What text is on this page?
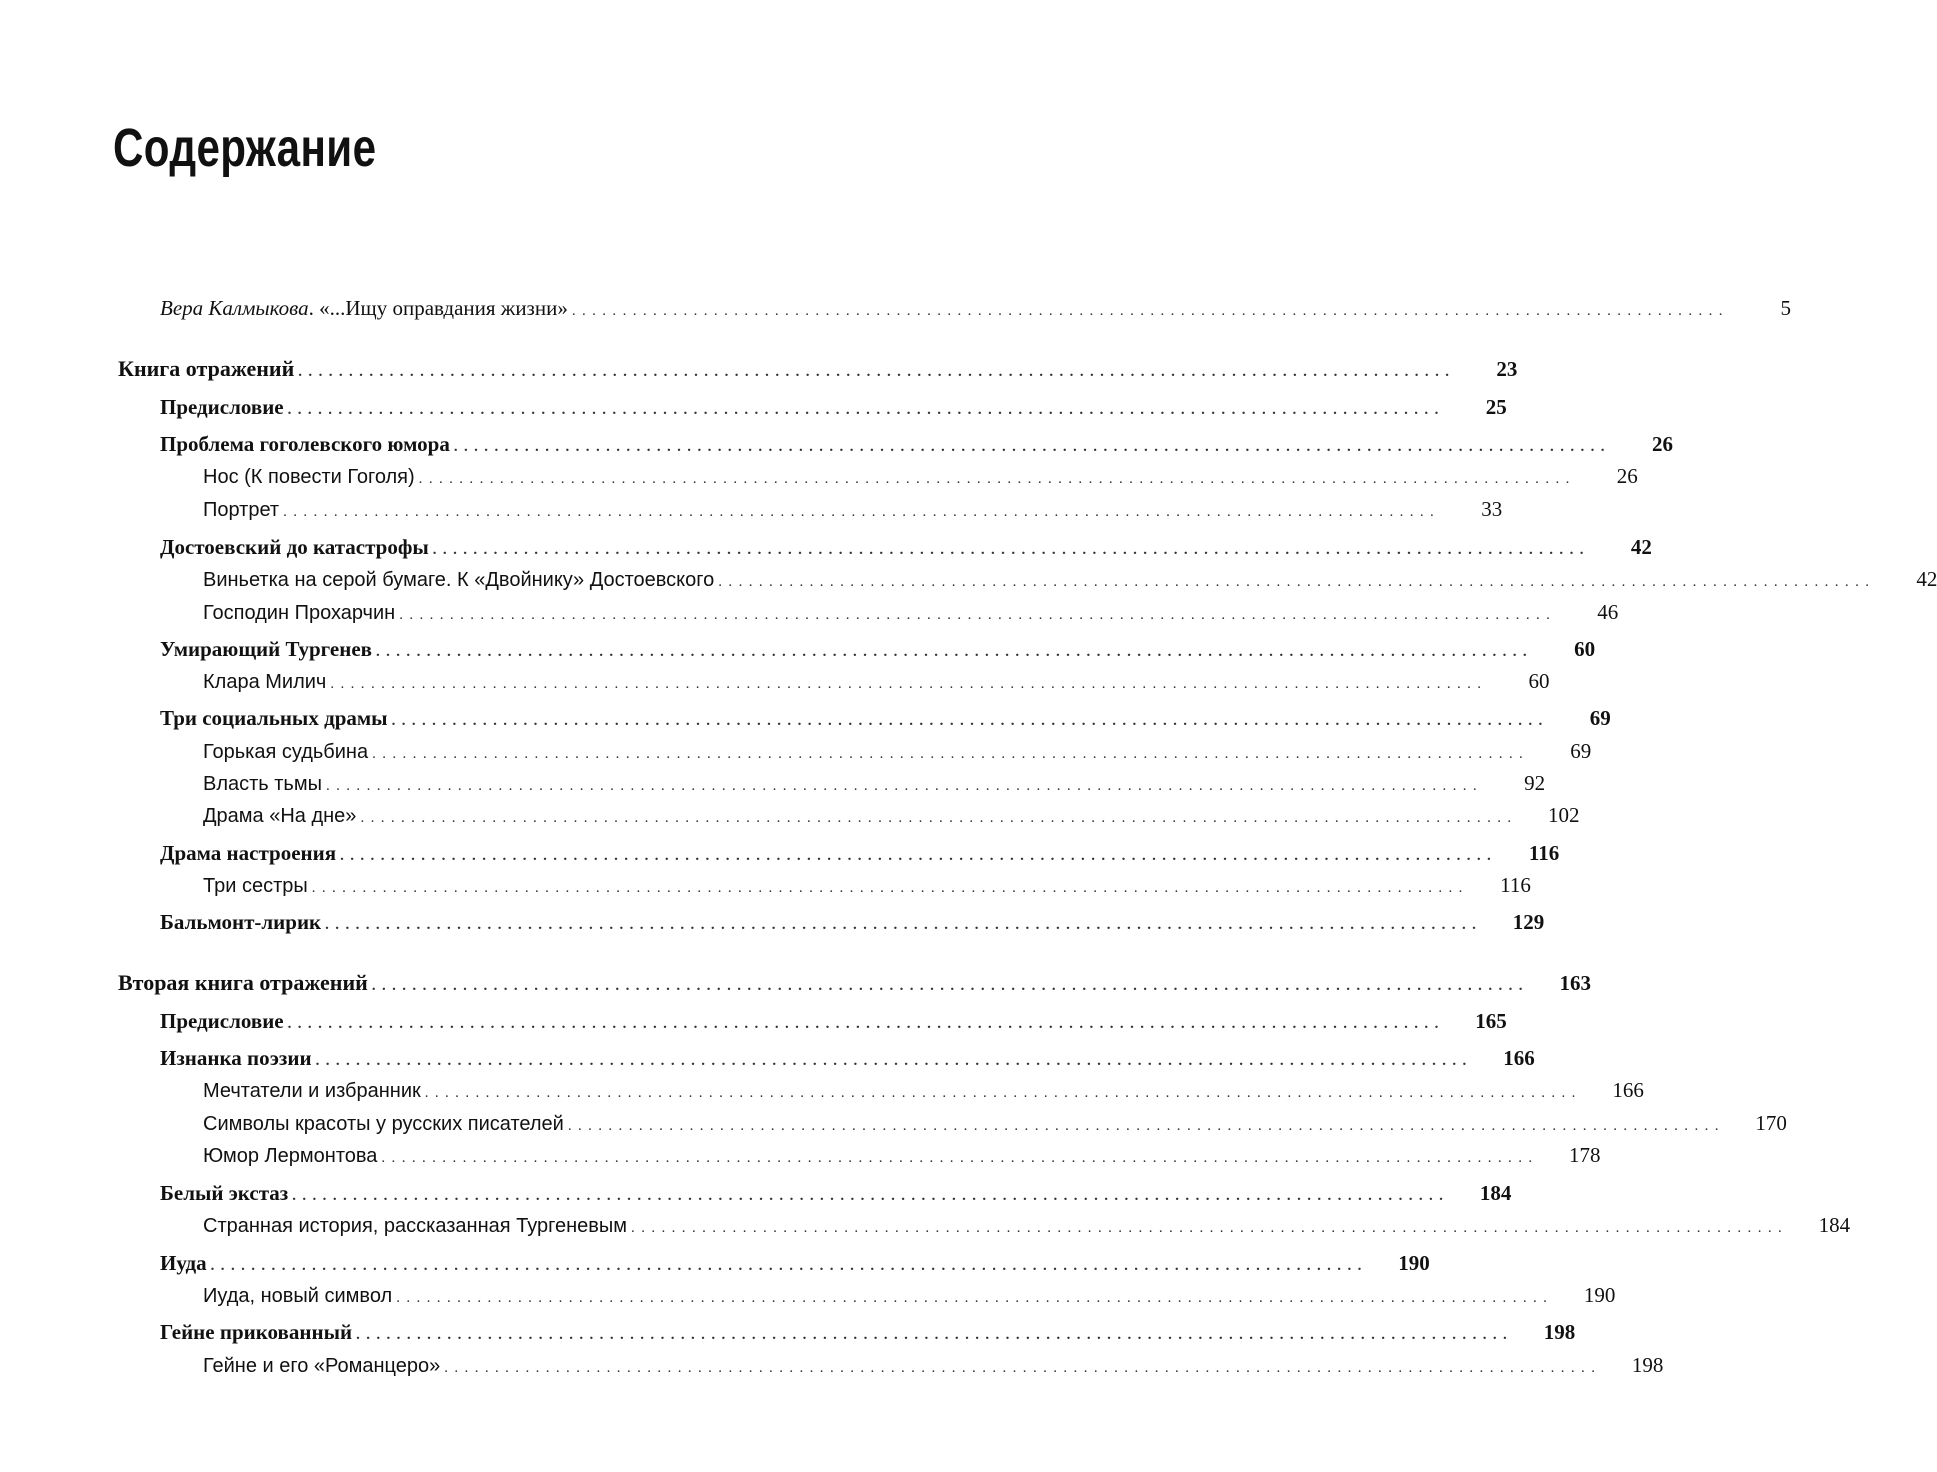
Содержание
Вера Калмыкова. «...Ищу оправдания жизни» ..................................................................................................................	5
Книга отражений ..................................................................................................................	23
Предисловие ..................................................................................................................	25
Проблема гоголевского юмора ..................................................................................................................	26
Нос (К повести Гоголя) ..................................................................................................................	26
Портрет ..................................................................................................................	33
Достоевский до катастрофы ..................................................................................................................	42
Виньетка на серой бумаге. К «Двойнику» Достоевского ..................................................................................................................	42
Господин Прохарчин ..................................................................................................................	46
Умирающий Тургенев ..................................................................................................................	60
Клара Милич ..................................................................................................................	60
Три социальных драмы ..................................................................................................................	69
Горькая судьбина ..................................................................................................................	69
Власть тьмы ..................................................................................................................	92
Драма «На дне» ..................................................................................................................	102
Драма настроения ..................................................................................................................	116
Три сестры ..................................................................................................................	116
Бальмонт-лирик ..................................................................................................................	129
Вторая книга отражений ..................................................................................................................	163
Предисловие ..................................................................................................................	165
Изнанка поэзии ..................................................................................................................	166
Мечтатели и избранник ..................................................................................................................	166
Символы красоты у русских писателей ..................................................................................................................	170
Юмор Лермонтова ..................................................................................................................	178
Белый экстаз ..................................................................................................................	184
Странная история, рассказанная Тургеневым ..................................................................................................................	184
Иуда ..................................................................................................................	190
Иуда, новый символ ..................................................................................................................	190
Гейне прикованный ..................................................................................................................	198
Гейне и его «Романцеро» ..................................................................................................................	198
